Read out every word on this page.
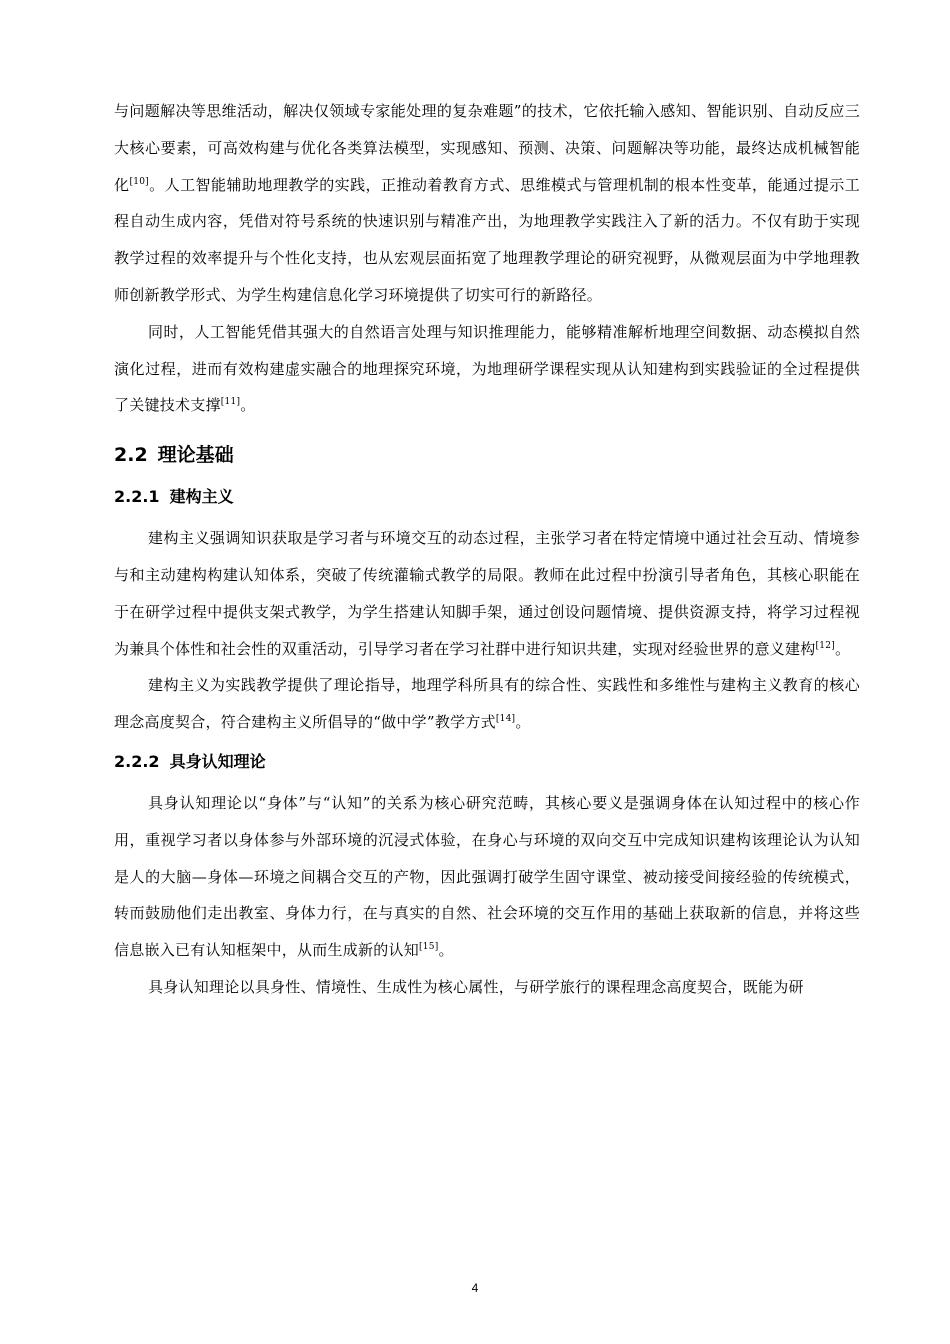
与问题解决等思维活动，解决仅领域专家能处理的复杂难题”的技术，它依托输入感知、智能识别、自动反应三大核心要素，可高效构建与优化各类算法模型，实现感知、预测、决策、问题解决等功能，最终达成机械智能化[10]。人工智能辅助地理教学的实践，正推动着教育方式、思维模式与管理机制的根本性变革，能通过提示工程自动生成内容，凭借对符号系统的快速识别与精准产出，为地理教学实践注入了新的活力。不仅有助于实现教学过程的效率提升与个性化支持，也从宏观层面拓宽了地理教学理论的研究视野，从微观层面为中学地理教师创新教学形式、为学生构建信息化学习环境提供了切实可行的新路径。

同时，人工智能凭借其强大的自然语言处理与知识推理能力，能够精准解析地理空间数据、动态模拟自然演化过程，进而有效构建虚实融合的地理探究环境，为地理研学课程实现从认知建构到实践验证的全过程提供了关键技术支撑[11]。

2.2 理论基础
2.2.1 建构主义

建构主义强调知识获取是学习者与环境交互的动态过程，主张学习者在特定情境中通过社会互动、情境参与和主动建构构建认知体系，突破了传统灌输式教学的局限。教师在此过程中扮演引导者角色，其核心职能在于在研学过程中提供支架式教学，为学生搭建认知脚手架，通过创设问题情境、提供资源支持，将学习过程视为兼具个体性和社会性的双重活动，引导学习者在学习社群中进行知识共建，实现对经验世界的意义建构[12]。

建构主义为实践教学提供了理论指导，地理学科所具有的综合性、实践性和多维性与建构主义教育的核心理念高度契合，符合建构主义所倡导的“做中学”教学方式[14]。

2.2.2 具身认知理论

具身认知理论以“身体”与“认知”的关系为核心研究范畴，其核心要义是强调身体在认知过程中的核心作用，重视学习者以身体参与外部环境的沉浸式体验，在身心与环境的双向交互中完成知识建构该理论认为认知是人的大脑—身体—环境之间耦合交互的产物，因此强调打破学生固守课堂、被动接受间接经验的传统模式，转而鼓励他们走出教室、身体力行，在与真实的自然、社会环境的交互作用的基础上获取新的信息，并将这些信息嵌入已有认知框架中，从而生成新的认知[15]。

具身认知理论以具身性、情境性、生成性为核心属性，与研学旅行的课程理念高度契合，既能为研

4
